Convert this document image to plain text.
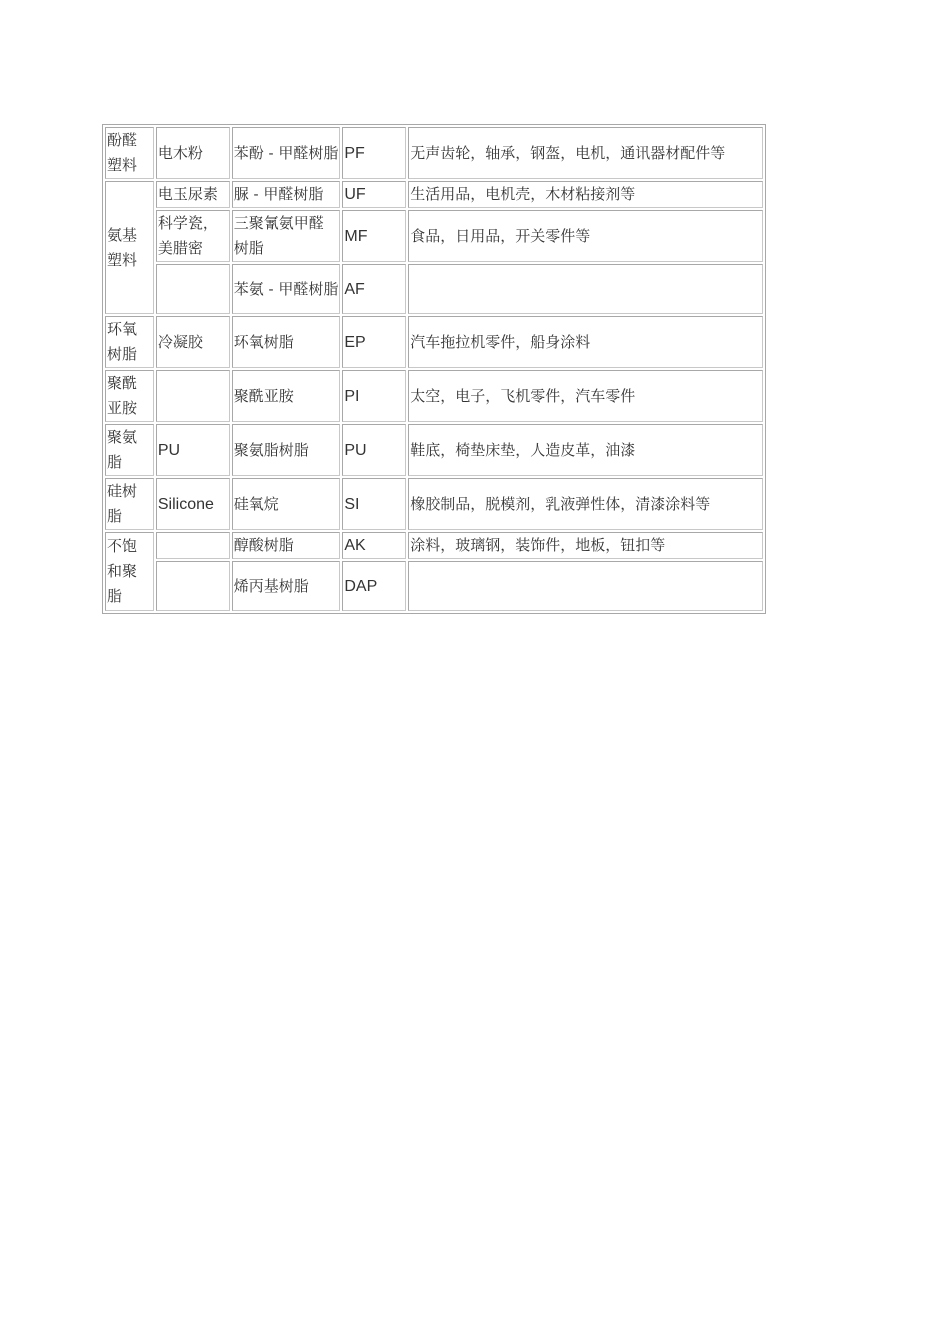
酚醛塑料	电木粉	苯酚 - 甲醛树脂	PF	无声齿轮，轴承，钢盔，电机，通讯器材配件等
氨基塑料	电玉尿素	脲 - 甲醛树脂	UF	生活用品，电机壳，木材粘接剂等
	科学瓷，美腊密	三聚氰氨甲醛树脂	MF	食品，日用品，开关零件等
		苯氨 - 甲醛树脂	AF	
环氧树脂	冷凝胶	环氧树脂	EP	汽车拖拉机零件，船身涂料
聚酰亚胺		聚酰亚胺	PI	太空，电子，飞机零件，汽车零件
聚氨脂	PU	聚氨脂树脂	PU	鞋底，椅垫床垫，人造皮革，油漆
硅树脂	Silicone	硅氧烷	SI	橡胶制品，脱模剂，乳液弹性体，清漆涂料等
不饱和聚脂		醇酸树脂	AK	涂料，玻璃钢，装饰件，地板，钮扣等
		烯丙基树脂	DAP	
